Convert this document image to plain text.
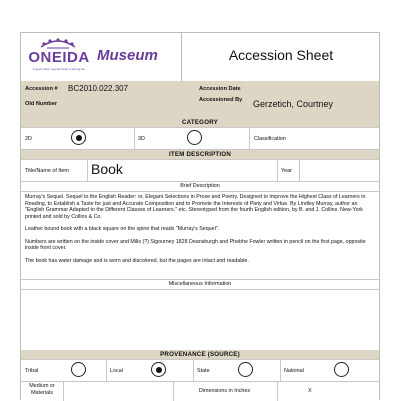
ONEIDA
A good mind, a good heart, a strong fire
Museum	Accession Sheet
Accession # BC2010.022.307	Accession Date
Old Number
Accessioned By	Gerzetich, Courtney
CATEGORY
2D	3D	Classification
ITEM DESCRIPTION
Title/Name of Item Book	Year
Brief Description

Murray's Sequel. Sequel to the English Reader: or, Elegant Selections in Prose and Poetry. Designed to Improve the Highest Class of Learners in Reading, to Establish a Taste for just and Accurate Composition and to Promote the Interests of Piety and Virtue. By Lindley Murray, author an "English Grammar Adapted to the Different Classes of Learners," etc. Stereotyped from the fourth English edition, by B. and J. Collins. New-York printed and sold by Collins & Co.

Leather bound book with a black square on the spine that reads "Murray's Sequel".

Numbers are written on the inside cover and Mills (?) Sigourney 1828 Deansburgh and Phebhe Fowler written in pencil on the first page, opposite inside front cover.

The book has water damage and is worn and discolored, but the pages are intact and readable.

Miscellaneous Information
PROVENANCE (SOURCE)
Tribal	Local	State	National
Medium or Materials	Dimensions in Inches	X
